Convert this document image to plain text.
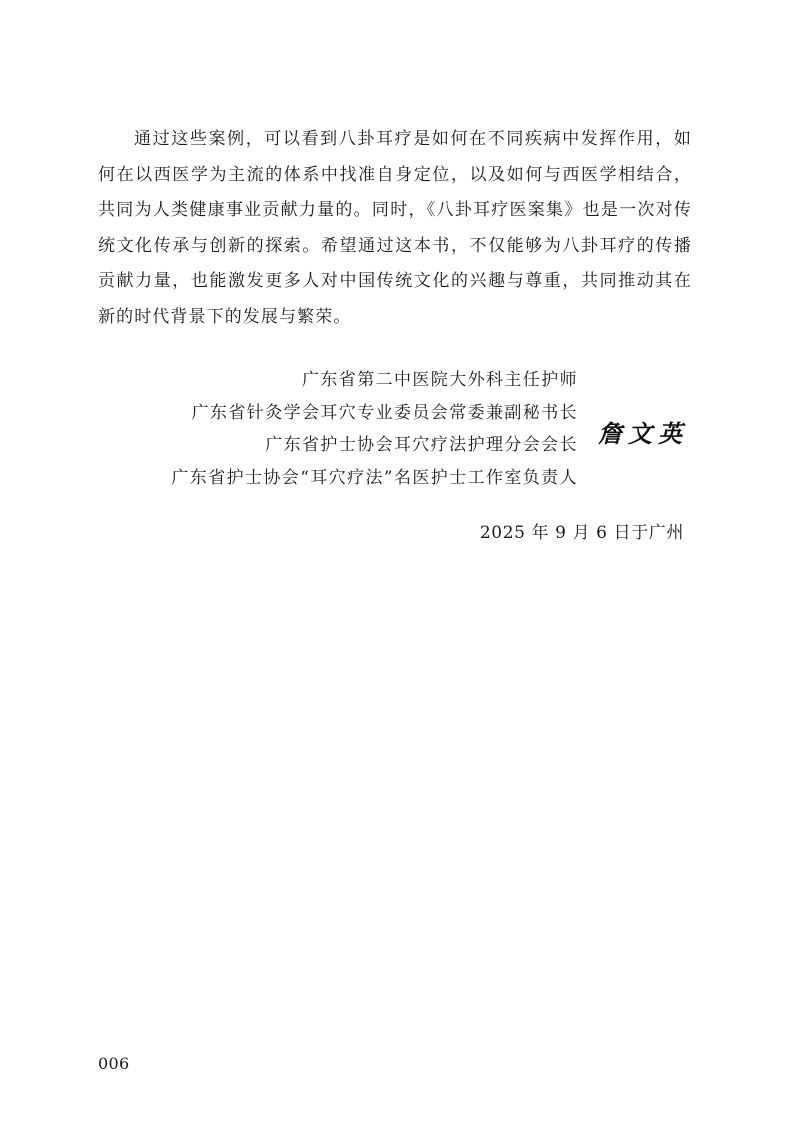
通过这些案例，可以看到八卦耳疗是如何在不同疾病中发挥作用，如何在以西医学为主流的体系中找准自身定位，以及如何与西医学相结合，共同为人类健康事业贡献力量的。同时，《八卦耳疗医案集》也是一次对传统文化传承与创新的探索。希望通过这本书，不仅能够为八卦耳疗的传播贡献力量，也能激发更多人对中国传统文化的兴趣与尊重，共同推动其在新的时代背景下的发展与繁荣。

广东省第二中医院大外科主任护师
广东省针灸学会耳穴专业委员会常委兼副秘书长
广东省护士协会耳穴疗法护理分会会长
广东省护士协会“耳穴疗法”名医护士工作室负责人
詹文英
2025 年 9 月 6 日于广州
006
